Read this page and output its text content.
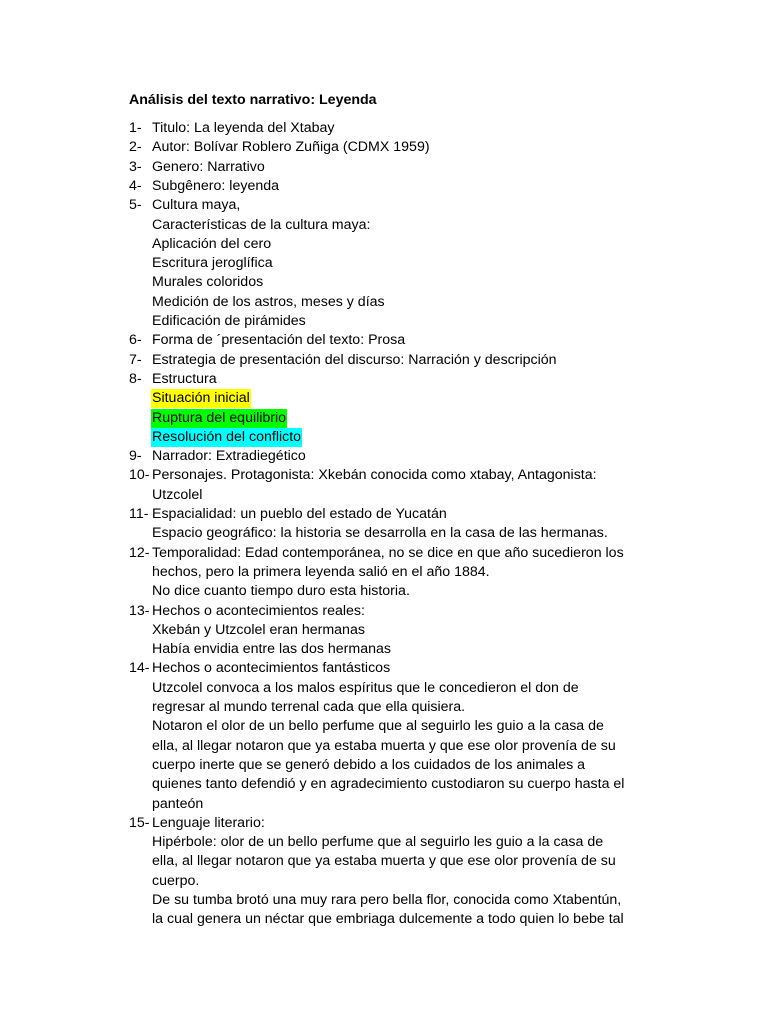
Análisis del texto narrativo: Leyenda
1- Titulo: La leyenda del Xtabay
2- Autor: Bolívar Roblero Zuñiga (CDMX 1959)
3- Genero: Narrativo
4- Subgênero: leyenda
5- Cultura maya,
Características de la cultura maya:
Aplicación del cero
Escritura jeroglífica
Murales coloridos
Medición de los astros, meses y días
Edificación de pirámides
6- Forma de ´presentación del texto: Prosa
7- Estrategia de presentación del discurso: Narración y descripción
8- Estructura
Situación inicial
Ruptura del equilibrio
Resolución del conflicto
9- Narrador: Extradiegético
10- Personajes. Protagonista: Xkebán conocida como xtabay, Antagonista:
Utzcolel
11- Espacialidad: un pueblo del estado de Yucatán
Espacio geográfico: la historia se desarrolla en la casa de las hermanas.
12- Temporalidad: Edad contemporánea, no se dice en que año sucedieron los
hechos, pero la primera leyenda salió en el año 1884.
No dice cuanto tiempo duro esta historia.
13- Hechos o acontecimientos reales:
Xkebán y Utzcolel eran hermanas
Había envidia entre las dos hermanas
14- Hechos o acontecimientos fantásticos
Utzcolel convoca a los malos espíritus que le concedieron el don de
regresar al mundo terrenal cada que ella quisiera.
Notaron el olor de un bello perfume que al seguirlo les guio a la casa de
ella, al llegar notaron que ya estaba muerta y que ese olor provenía de su
cuerpo inerte que se generó debido a los cuidados de los animales a
quienes tanto defendió y en agradecimiento custodiaron su cuerpo hasta el
panteón
15- Lenguaje literario:
Hipérbole: olor de un bello perfume que al seguirlo les guio a la casa de
ella, al llegar notaron que ya estaba muerta y que ese olor provenía de su
cuerpo.
De su tumba brotó una muy rara pero bella flor, conocida como Xtabentún,
la cual genera un néctar que embriaga dulcemente a todo quien lo bebe tal
